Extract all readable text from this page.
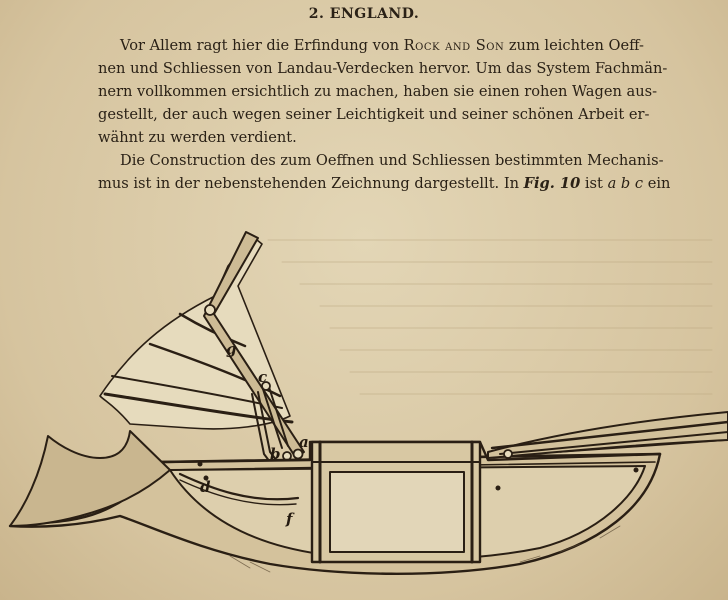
2. ENGLAND.

Vor Allem ragt hier die Erfindung von Rock and Son zum leichten Oeff-

nen und Schliessen von Landau-Verdecken hervor. Um das System Fachmän-

nern vollkommen ersichtlich zu machen, haben sie einen rohen Wagen aus-

gestellt, der auch wegen seiner Leichtigkeit und seiner schönen Arbeit er-

wähnt zu werden verdient.

Die Construction des zum Oeffnen und Schliessen bestimmten Mechanis-

mus ist in der nebenstehenden Zeichnung dargestellt. In Fig. 10 ist a b c ein

g
c
a
b
d
f
